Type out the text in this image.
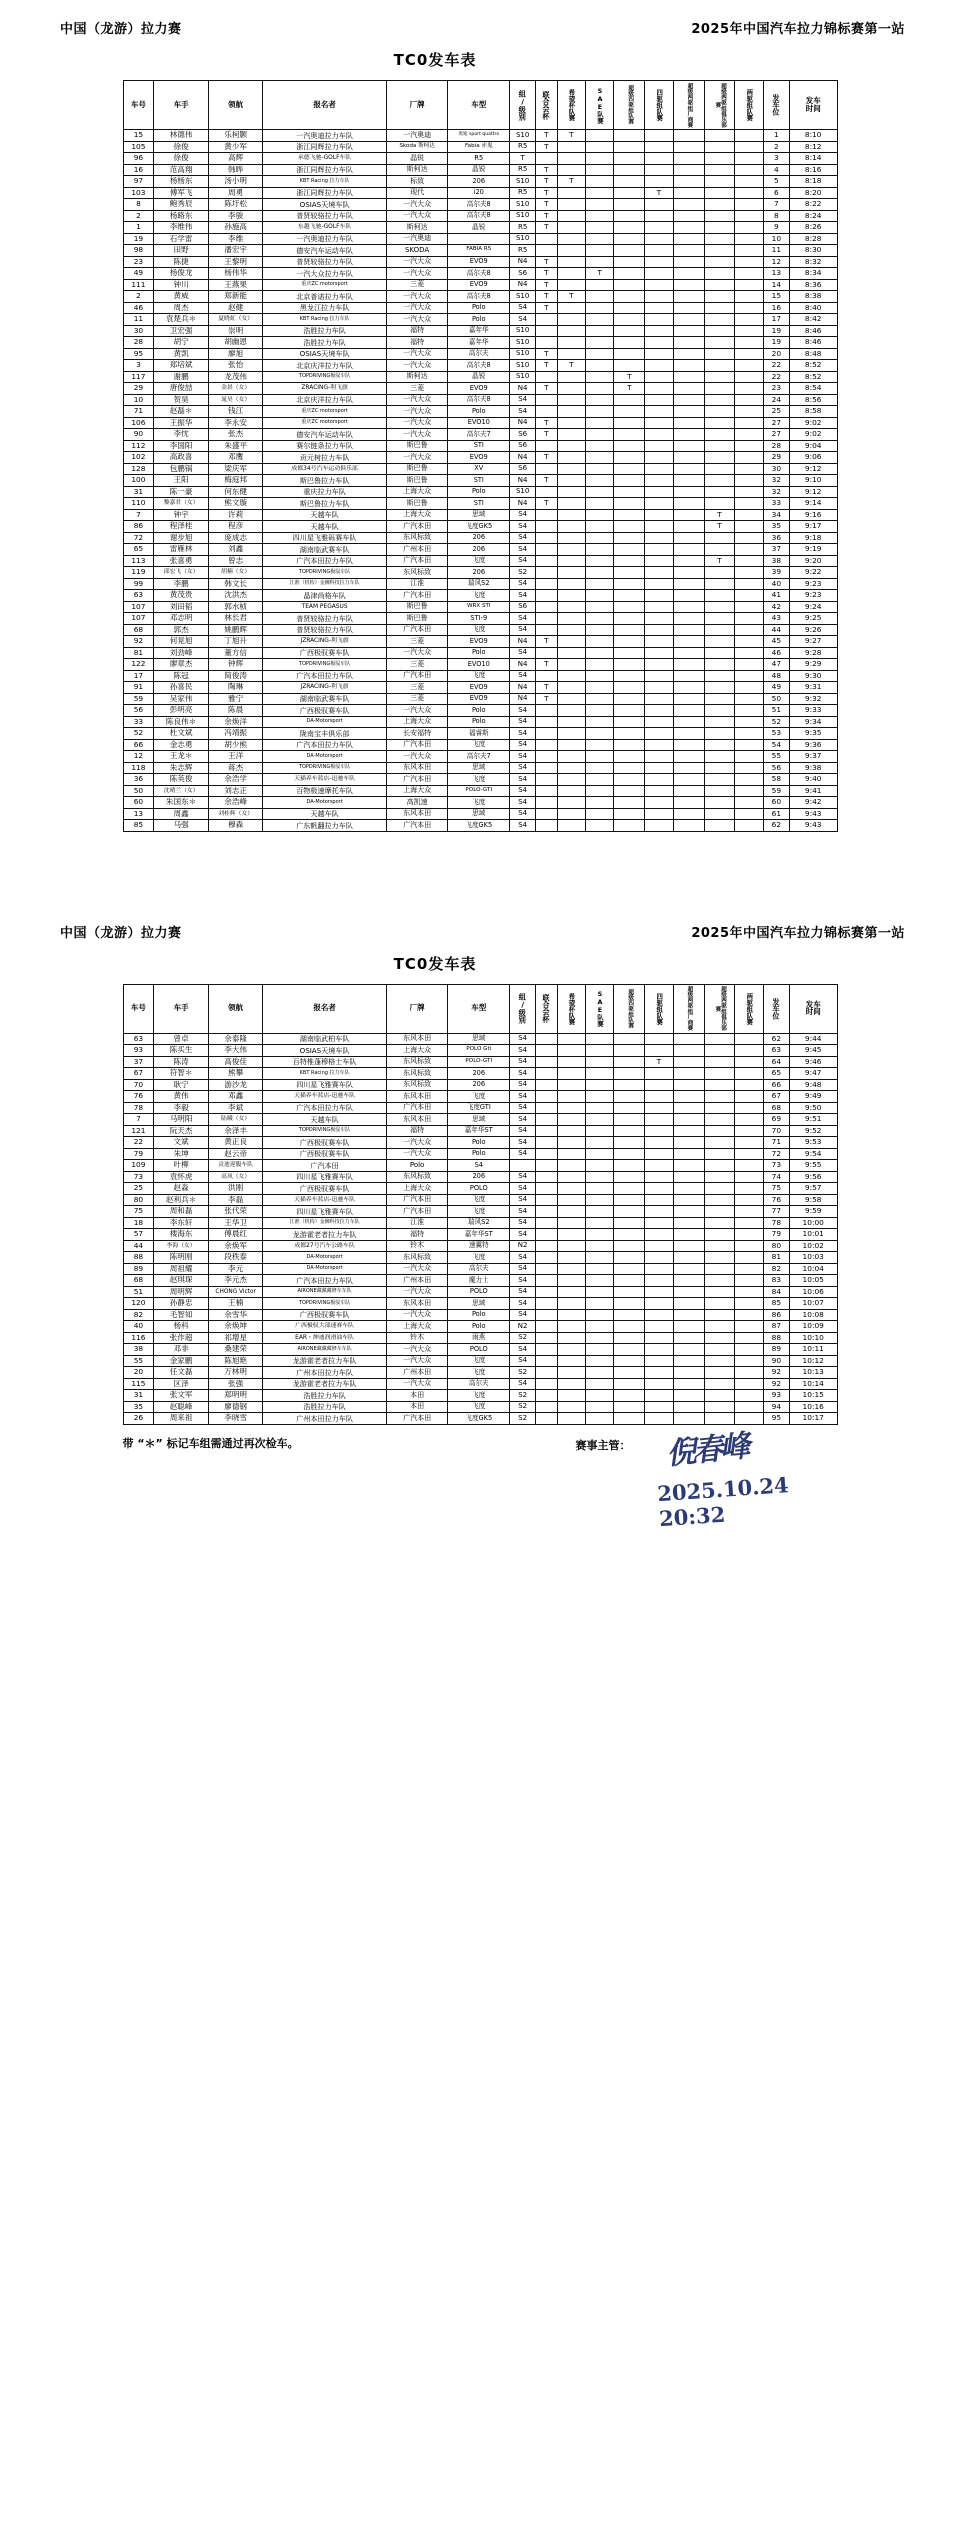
中国（龙游）拉力赛	2025年中国汽车拉力锦标赛第一站
TC0发车表
车号	车手	领航	报名者	厂牌	车型	组/级别	联合会杯	希望杯队赛	SAE队赛	超级四驱组队赛	四驱组队赛	超级两驱组厂商赛	超级两驱组俱乐部赛	两驱组队赛	发车位	发车
时间
15	林德伟	乐柯颢	一汽奥迪拉力车队	一汽奥迪	奥迪 sport quattro	S10	T	T							1	8:10
105	徐俊	黄少军	浙江同辉拉力车队	Skoda 斯柯达	Fabia 赤鬼	R5	T								2	8:12
96	徐俊	高辉	承德飞驰-GOLF车队	晶锐	R5	T									3	8:14
16	范高翔	韩晔	浙江同辉拉力车队	斯柯达	晶锐	R5	T								4	8:16
97	杨杨东	汤小明	KBT Racing 拉力车队	标致	206	S10	T	T							5	8:18
103	傅军飞	周勇	浙江同辉拉力车队	现代	i20	R5	T				T				6	8:20
8	鲍秀辰	陈圩松	OSIAS天境车队	一汽大众	高尔夫8	S10	T								7	8:22
2	杨路东	李骏	普贤较骆拉力车队	一汽大众	高尔夫8	S10	T								8	8:24
1	李维伟	孙施高	东越飞驰-GOLF车队	斯柯达	晶锐	R5	T								9	8:26
19	石学雷	李维	一汽奥迪拉力车队	一汽奥迪		S10									10	8:28
98	田野	潘宏宇	德安汽车运动车队	SKODA	FABIA R5	R5									11	8:30
23	陈捷	王黎明	普贤较骆拉力车队	一汽大众	EVO9	N4	T								12	8:32
49	杨俊龙	杨伟华	一汽大众拉力车队	一汽大众	高尔夫8	S6	T		T						13	8:34
111	钟川	王燕果	重庆ZC motorsport	三菱	EVO9	N4	T								14	8:36
2	黄威	郑新能	北京普诺拉力车队	一汽大众	高尔夫8	S10	T	T							15	8:38
46	周杰	赵健	黑龙江拉力车队	一汽大众	Polo	S4	T								16	8:40
11	袁楚兵＊	夏晓虹（女）	KBT Racing 拉力车队	一汽大众	Polo	S4									17	8:42
30	卫宏强	崇明	浩胜拉力车队	福特	嘉年华	S10									19	8:46
28	胡宁	胡幽恩	浩胜拉力车队	福特	嘉年华	S10									19	8:46
95	黄凯	廖旭	OSIAS天境车队	一汽大众	高尔夫	S10	T								20	8:48
3	郑培斌	张怡	北京庆洋拉力车队	一汽大众	高尔夫8	S10	T	T							22	8:52
117	谢鹏	龙茂伟	TOPDRIVING极驭车队	斯柯达	晶锐	S10				T					22	8:52
29	唐俊喆	金晨（女）	ZRACING-利飞旗	三菱	EVO9	N4	T			T					23	8:54
10	贺昊	晁昊（女）	北京庆洋拉力车队	一汽大众	高尔夫8	S4									24	8:56
71	赵磊＊	钱江	重庆ZC motorsport	一汽大众	Polo	S4									25	8:58
106	王振华	李永安	重庆ZC motorsport	一汽大众	EVO10	N4	T								27	9:02
90	李忱	张杰	德安汽车运动车队	一汽大众	高尔夫7	S6	T								27	9:02
112	李国阳	朱盛平	赛尔链条拉力车队	斯巴鲁	STI	S6									28	9:04
102	高政喜	邓鹰	贡元树拉力车队	一汽大众	EVO9	N4	T								29	9:06
128	包鹏锅	梁庆军	成都34号汽车运动俱乐部	斯巴鲁	XV	S6									30	9:12
100	王阳	梅庭邦	斯巴鲁拉力车队	斯巴鲁	STI	N4	T								32	9:10
31	陈一豪	何东健	重庆拉力车队	上海大众	Polo	S10									32	9:12
110	黎嘉君（女）	熊文璇	斯巴鲁拉力车队	斯巴鲁	STI	N4	T								33	9:14
7	钟宇	许莉	天越车队	上海大众	思域	S4							T		34	9:16
86	程泽桂	程彦	天越车队	广汽本田	飞度GK5	S4							T		35	9:17
72	谢步旭	庞成志	四川星飞雅砾赛车队	东风标致	206	S4									36	9:18
65	雷雁林	刘鑫	湖南临武赛车队	广州本田	206	S4									37	9:19
113	张喜勇	曾志	广汽本田拉力车队	广汽本田	飞度	S4							T		38	9:20
119	邱宏飞（女）	胡楠（女）	TOPDRIVING极驭车队	东风标致	206	S2									39	9:22
99	李鹏	韩文长	江淮（机构）金狮科技拉力车队	江淮	瑞风S2	S4									40	9:23
63	黄茂贵	沈洪杰	晶津尚格车队	广汽本田	飞度	S4									41	9:23
107	刘田韬	郭水桢	TEAM PEGASUS	斯巴鲁	WRX STI	S6									42	9:24
107	邓志明	林长君	普贤较骆拉力车队	斯巴鲁	STI-9	S4									43	9:25
68	郭杰	姚鹏辉	普贤较骆拉力车队	广汽本田	飞度	S4									44	9:26
92	何晃旭	丁旭升	JZRACING-利飞旗	三菱	EVO9	N4	T								45	9:27
81	刘劲峰	董方信	广西极驭赛车队	一汽大众	Polo	S4									46	9:28
122	廖章杰	钟辉	TOPDRIVING极驭车队	三菱	EVO10	N4	T								47	9:29
17	陈冠	简俊涛	广汽本田拉力车队	广汽本田	飞度	S4									48	9:30
91	孙喜民	陶琳	JZRACING-利飞旗	三菱	EVO9	N4	T								49	9:31
59	吴家伟	雅宁	湖南临武赛车队	三菱	EVO9	N4	T								50	9:32
56	彭明亮	陈晨	广西极驭赛车队	一汽大众	Polo	S4									51	9:33
33	陈良伟＊	余焕洋	DA-Motorsport	上海大众	Polo	S4									52	9:34
52	杜文斌	冯靖振	陇南宝丰俱乐部	长安福特	福睿斯	S4									53	9:35
66	金志勇	胡少熊	广汽本田拉力车队	广汽本田	飞度	S4									54	9:36
12	王龙＊	王洋	DA-Motorsport	一汽大众	高尔夫7	S4									55	9:37
118	朱志辉	蒋杰	TOPDRIVING极驭车队	东风本田	思域	S4									56	9:38
36	陈英俊	余浩学	天猫养车蓝店-迅驰车队	广汽本田	飞度	S4									58	9:40
50	沈晴兰（女）	刘志正	百物极速摩托车队	上海大众	POLO-GTI	S4									59	9:41
60	朱国东＊	余浩峰	DA-Motorsport	高凯速	飞度	S4									60	9:42
13	周鑫	刘桂辉（女）	天越车队	东风本田	思域	S4									61	9:43
85	马强	穆森	广东帆翻拉力车队	广汽本田	飞度GK5	S4									62	9:43
中国（龙游）拉力赛	2025年中国汽车拉力锦标赛第一站
TC0发车表
车号	车手	领航	报名者	厂牌	车型	组/级别	联合会杯	希望杯队赛	SAE队赛	超级四驱组队赛	四驱组队赛	超级两驱组厂商赛	超级两驱组俱乐部赛	两驱组队赛	发车位	发车
时间
63	曾卓	余泰隆	湖南临武柏车队	东风本田	思域	S4									62	9:44
93	陈买生	李大伟	OSIAS天境车队	上海大众	POLO Gti	S4									63	9:45
37	陈涛	高俊佳	百特椎蓬穆格士车队	东风标致	POLO-GTI	S4					T				64	9:46
67	符智＊	熊攀	KBT Racing 拉力车队	东风标致	206	S4									65	9:47
70	耿宁	游沙龙	四川星飞雅赛车队	东风标致	206	S4									66	9:48
76	黄伟	邓鑫	天猫养车蓝店-迅驰车队	东风本田	飞度	S4									67	9:49
78	李毅	李斌	广汽本田拉力车队	广汽本田	飞度GTI	S4									68	9:50
7	马明阳	陆曦（女）	天越车队	东风本田	思域	S4									69	9:51
121	阮天杰	余泽丰	TOPDRIVING极驭车队	福特	嘉年华ST	S4									70	9:52
22	文斌	黄正良	广西极驭赛车队	一汽大众	Polo	S4									71	9:53
79	朱坤	赵云帝	广西极驭赛车队	一汽大众	Polo	S4									72	9:54
109	叶柳	贡迪迎腹车队	广汽本田	Polo	S4										73	9:55
73	袁怀虎	高凤（女）	四川星飞雅赛车队	东风标致	206	S4									74	9:56
25	赵淼	洪刚	广西极驭赛车队	上海大众	POLO	S4									75	9:57
80	赵利兵＊	李磊	天猫养车蓝店-迅驰车队	广汽本田	飞度	S4									76	9:58
75	周和磊	张代荣	四川星飞雅赛车队	广汽本田	飞度	S4									77	9:59
18	李东轩	王华卫	江淮（机构）金狮科技拉力车队	江淮	瑞风S2	S4									78	10:00
57	楼海东	傅晨红	龙游霍老者拉力车队	福特	嘉年华ST	S4									79	10:01
44	李海（女）	余焕军	成都27号汽车公路车队	铃木	速翼特	N2									80	10:02
88	陈明刚	段秩泰	DA-Motorsport	东风标致	飞度	S4									81	10:03
89	周祖耀	李元	DA-Motorsport	一汽大众	高尔夫	S4									82	10:04
68	赵琪琛	李元杰	广汽本田拉力车队	广州本田	魔力士	S4									83	10:05
51	周明辉	CHONG Victor	AIRONE藏藏藏修车车队	一汽大众	POLO	S4									84	10:06
120	孙静忠	王楠	TOPDRIVING极驭车队	东风本田	思域	S4									85	10:07
82	毛智知	余雪华	广西极驭赛车队	一汽大众	Polo	S4									86	10:08
40	杨科	余焕坤	广西极驭大部速赛车队	上海大众	Polo	N2									87	10:09
116	张作超	祁增星	EAR・绅迪润滑油车队	铃木	雨燕	S2									88	10:10
38	邓非	桑建荣	AIRONE藏藏藏修车车队	一汽大众	POLO	S4									89	10:11
55	金家鹏	陈旭艳	龙游霍老者拉力车队	一汽大众	飞度	S4									90	10:12
20	任文磊	万林明	广州本田拉力车队	广州本田	飞度	S2									92	10:13
115	区泽	张强	龙游霍老者拉力车队	一汽大众	高尔夫	S4									92	10:14
31	张文军	郑明明	浩胜拉力车队	本田	飞度	S2									93	10:15
35	赵聪峰	廖德钢	浩胜拉力车队	本田	飞度	S2									94	10:16
26	周来祖	李晓雪	广州本田拉力车队	广汽本田	飞度GK5	S2									95	10:17
带 “＊” 标记车组需通过再次检车。	赛事主管： 倪春峰
2025.10.24 20:32
